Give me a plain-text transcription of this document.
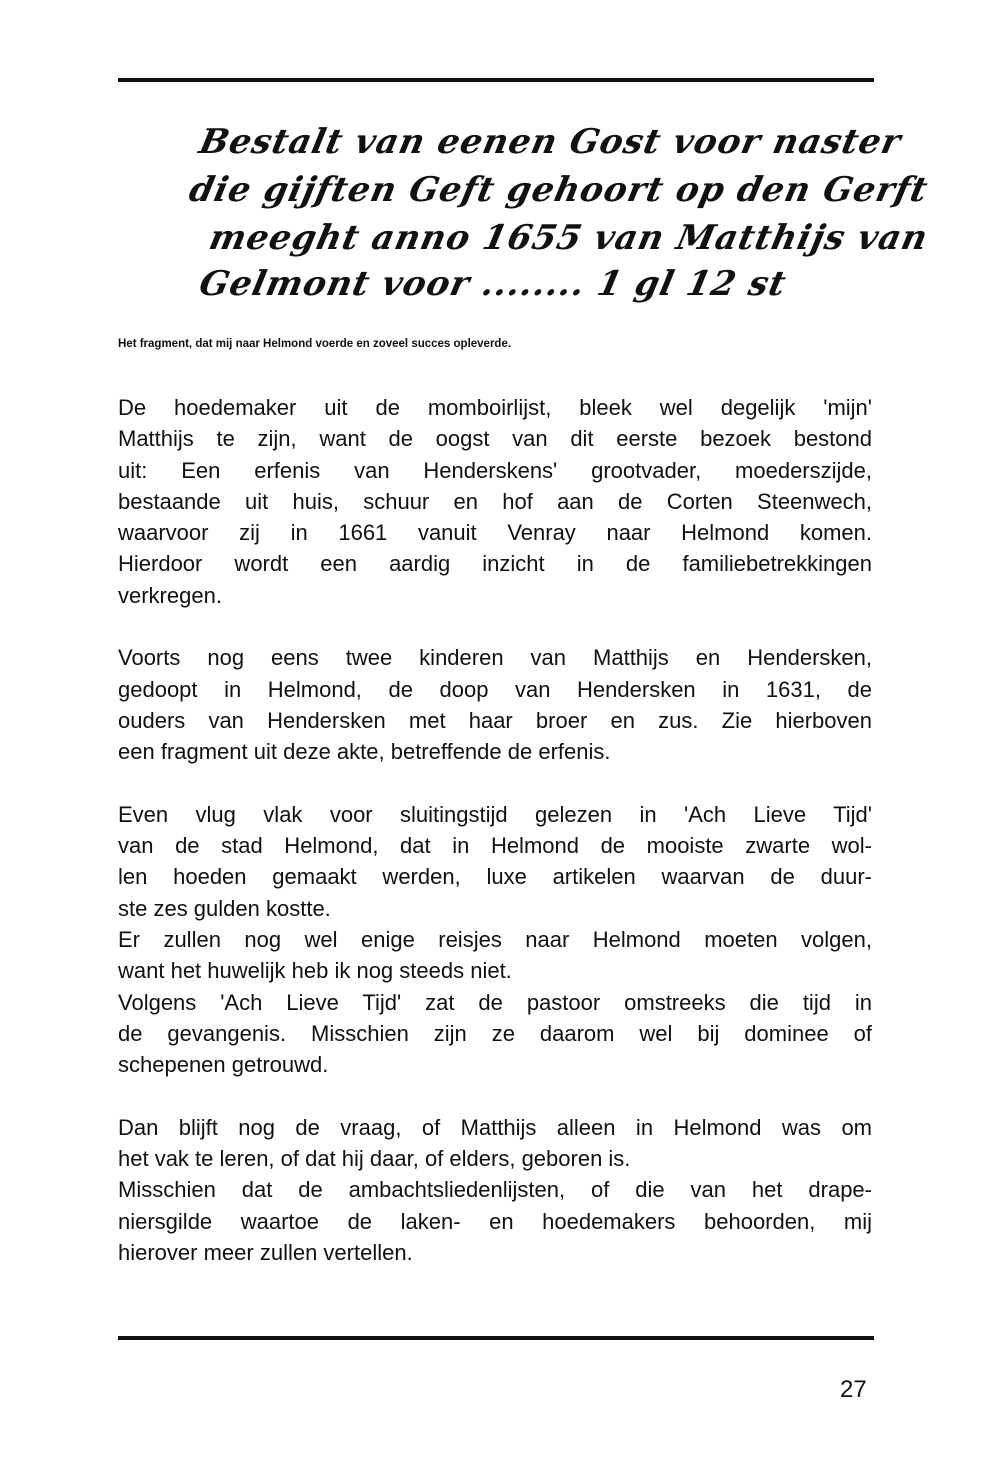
Bestalt van eenen Gost voor naster
die gijften Geft gehoort op den Gerft
meeght anno 1655 van Matthijs van
Gelmont voor ........ 1 gl 12 st
Het fragment, dat mij naar Helmond voerde en zoveel succes opleverde.
De hoedemaker uit de momboirlijst, bleek wel degelijk 'mijn'
Matthijs te zijn, want de oogst van dit eerste bezoek bestond
uit: Een erfenis van Henderskens' grootvader, moederszijde,
bestaande uit huis, schuur en hof aan de Corten Steenwech,
waarvoor zij in 1661 vanuit Venray naar Helmond komen.
Hierdoor wordt een aardig inzicht in de familiebetrekkingen
verkregen.
Voorts nog eens twee kinderen van Matthijs en Hendersken,
gedoopt in Helmond, de doop van Hendersken in 1631, de
ouders van Hendersken met haar broer en zus. Zie hierboven
een fragment uit deze akte, betreffende de erfenis.
Even vlug vlak voor sluitingstijd gelezen in 'Ach Lieve Tijd'
van de stad Helmond, dat in Helmond de mooiste zwarte wol-
len hoeden gemaakt werden, luxe artikelen waarvan de duur-
ste zes gulden kostte.
Er zullen nog wel enige reisjes naar Helmond moeten volgen,
want het huwelijk heb ik nog steeds niet.
Volgens 'Ach Lieve Tijd' zat de pastoor omstreeks die tijd in
de gevangenis. Misschien zijn ze daarom wel bij dominee of
schepenen getrouwd.
Dan blijft nog de vraag, of Matthijs alleen in Helmond was om
het vak te leren, of dat hij daar, of elders, geboren is.
Misschien dat de ambachtsliedenlijsten, of die van het drape-
niersgilde waartoe de laken- en hoedemakers behoorden, mij
hierover meer zullen vertellen.
27
